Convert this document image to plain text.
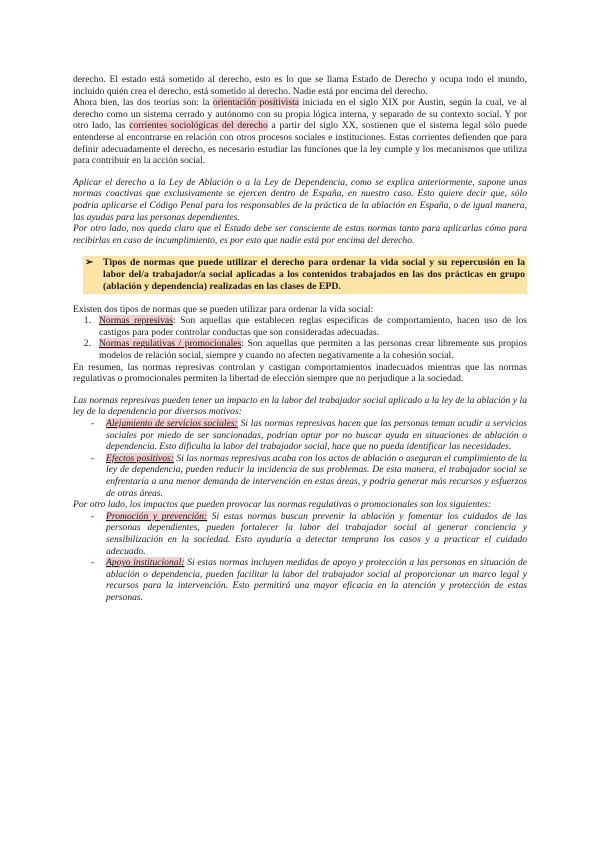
derecho. El estado está sometido al derecho, esto es lo que se llama Estado de Derecho y ocupa todo el mundo, incluido quién crea el derecho, está sometido al derecho. Nadie está por encima del derecho.

Ahora bien, las dos teorías son: la orientación positivista iniciada en el siglo XIX por Austin, según la cual, ve al derecho como un sistema cerrado y autónomo con su propia lógica interna, y separado de su contexto social. Y por otro lado, las corrientes sociológicas del derecho a partir del siglo XX, sostienen que el sistema legal sólo puede entenderse al encontrarse en relación con otros procesos sociales e instituciones. Estas corrientes defienden que para definir adecuadamente el derecho, es necesario estudiar las funciones que la ley cumple y los mecanismos que utiliza para contribuir en la acción social.

Aplicar el derecho a la Ley de Ablación o a la Ley de Dependencia, como se explica anteriormente, supone unas normas coactivas que exclusivamente se ejercen dentro de España, en nuestro caso. Esto quiere decir que, sólo podría aplicarse el Código Penal para los responsables de la práctica de la ablación en España, o de igual manera, las ayudas para las personas dependientes.

Por otro lado, nos queda claro que el Estado debe ser consciente de estas normas tanto para aplicarlas cómo para recibirlas en caso de incumplimiento, es por esto que nadie está por encima del derecho.

➢ Tipos de normas que puede utilizar el derecho para ordenar la vida social y su repercusión en la labor del/a trabajador/a social aplicadas a los contenidos trabajados en las dos prácticas en grupo (ablación y dependencia) realizadas en las clases de EPD.

Existen dos tipos de normas que se pueden utilizar para ordenar la vida social:

1. Normas represivas: Son aquellas que establecen reglas específicas de comportamiento, hacen uso de los castigos para poder controlar conductas que son consideradas adecuadas.
2. Normas regulativas / promocionales: Son aquellas que permiten a las personas crear libremente sus propios modelos de relación social, siempre y cuando no afecten negativamente a la cohesión social.

En resumen, las normas represivas controlan y castigan comportamientos inadecuados mientras que las normas regulativas o promocionales permiten la libertad de elección siempre que no perjudique a la sociedad.

Las normas represivas pueden tener un impacto en la labor del trabajador social aplicado a la ley de la ablación y la ley de la dependencia por diversos motivos:

-	Alejamiento de servicios sociales: Si las normas represivas hacen que las personas teman acudir a servicios sociales por miedo de ser sancionadas, podrían optar por no buscar ayuda en situaciones de ablación o dependencia. Esto dificulta la labor del trabajador social, hace que no pueda identificar las necesidades.
-	Efectos positivos: Si las normas represivas acaba con los actos de ablación o aseguran el cumplimiento de la ley de dependencia, pueden reducir la incidencia de sus problemas. De esta manera, el trabajador social se enfrentaría a una menor demanda de intervención en estas áreas, y podría generar más recursos y esfuerzos de otras áreas.

Por otro lado, los impactos que pueden provocar las normas regulativas o promocionales son los siguientes:

-	Promoción y prevención: Si estas normas buscan prevenir la ablación y fomentar los cuidados de las personas dependientes, pueden fortalecer la labor del trabajador social al generar conciencia y sensibilización en la sociedad. Esto ayudaría a detectar temprano los casos y a practicar el cuidado adecuado.
-	Apoyo institucional: Si estas normas incluyen medidas de apoyo y protección a las personas en situación de ablación o dependencia, pueden facilitar la labor del trabajador social al proporcionar un marco legal y recursos para la intervención. Esto permitirá una mayor eficacia en la atención y protección de estas personas.
